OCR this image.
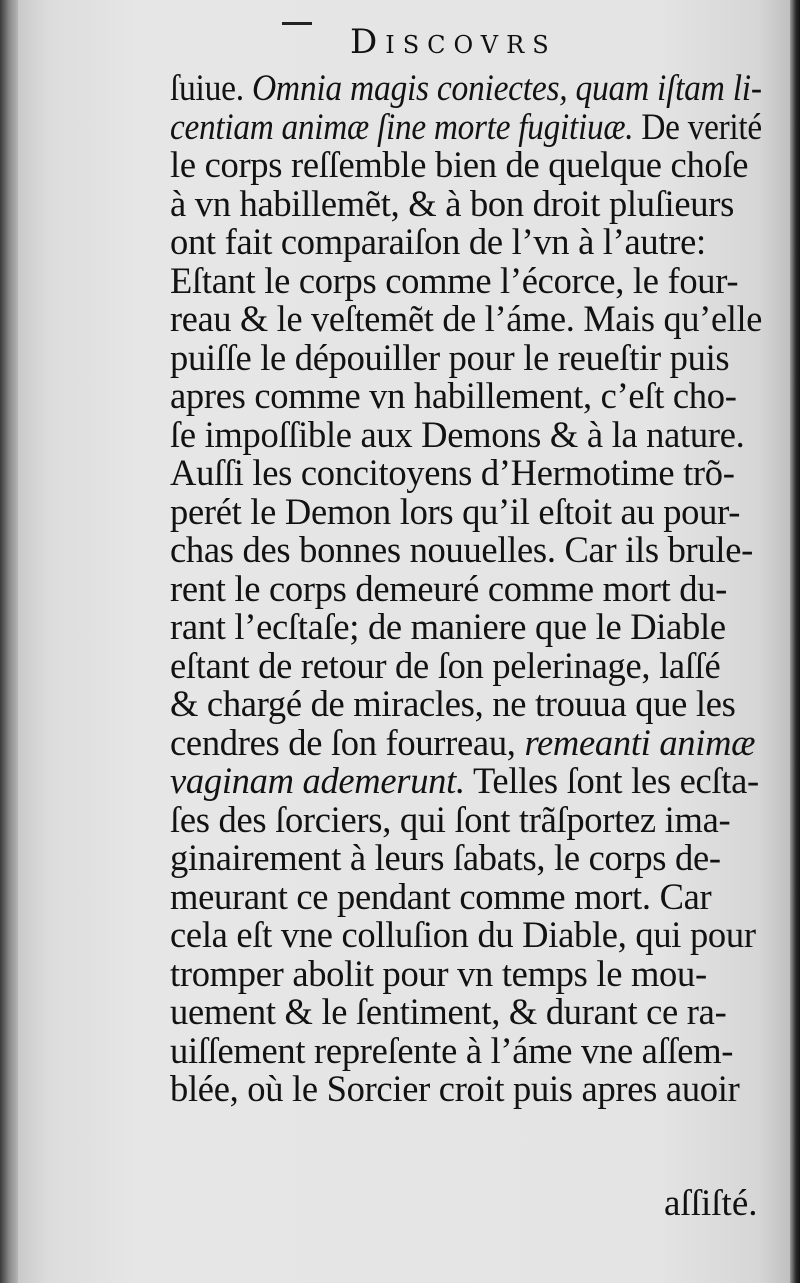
Discovrs
ſuiue. Omnia magis coniectes, quam iſtam li-
centiam animæ ſine morte fugitiuæ. De verité
le corps reſſemble bien de quelque choſe
à vn habillemẽt, & à bon droit pluſieurs
ont fait comparaiſon de l’vn à l’autre:
Eſtant le corps comme l’écorce, le four-
reau & le veſtemẽt de l’áme. Mais qu’elle
puiſſe le dépouiller pour le reueſtir puis
apres comme vn habillement, c’eſt cho-
ſe impoſſible aux Demons & à la nature.
Auſſi les concitoyens d’Hermotime trõ-
perét le Demon lors qu’il eſtoit au pour-
chas des bonnes nouuelles. Car ils brule-
rent le corps demeuré comme mort du-
rant l’ecſtaſe; de maniere que le Diable
eſtant de retour de ſon pelerinage, laſſé
& chargé de miracles, ne trouua que les
cendres de ſon fourreau, remeanti animæ
vaginam ademerunt. Telles ſont les ecſta-
ſes des ſorciers, qui ſont trãſportez ima-
ginairement à leurs ſabats, le corps de-
meurant ce pendant comme mort. Car
cela eſt vne colluſion du Diable, qui pour
tromper abolit pour vn temps le mou-
uement & le ſentiment, & durant ce ra-
uiſſement repreſente à l’áme vne aſſem-
blée, où le Sorcier croit puis apres auoir
aſſiſté.
